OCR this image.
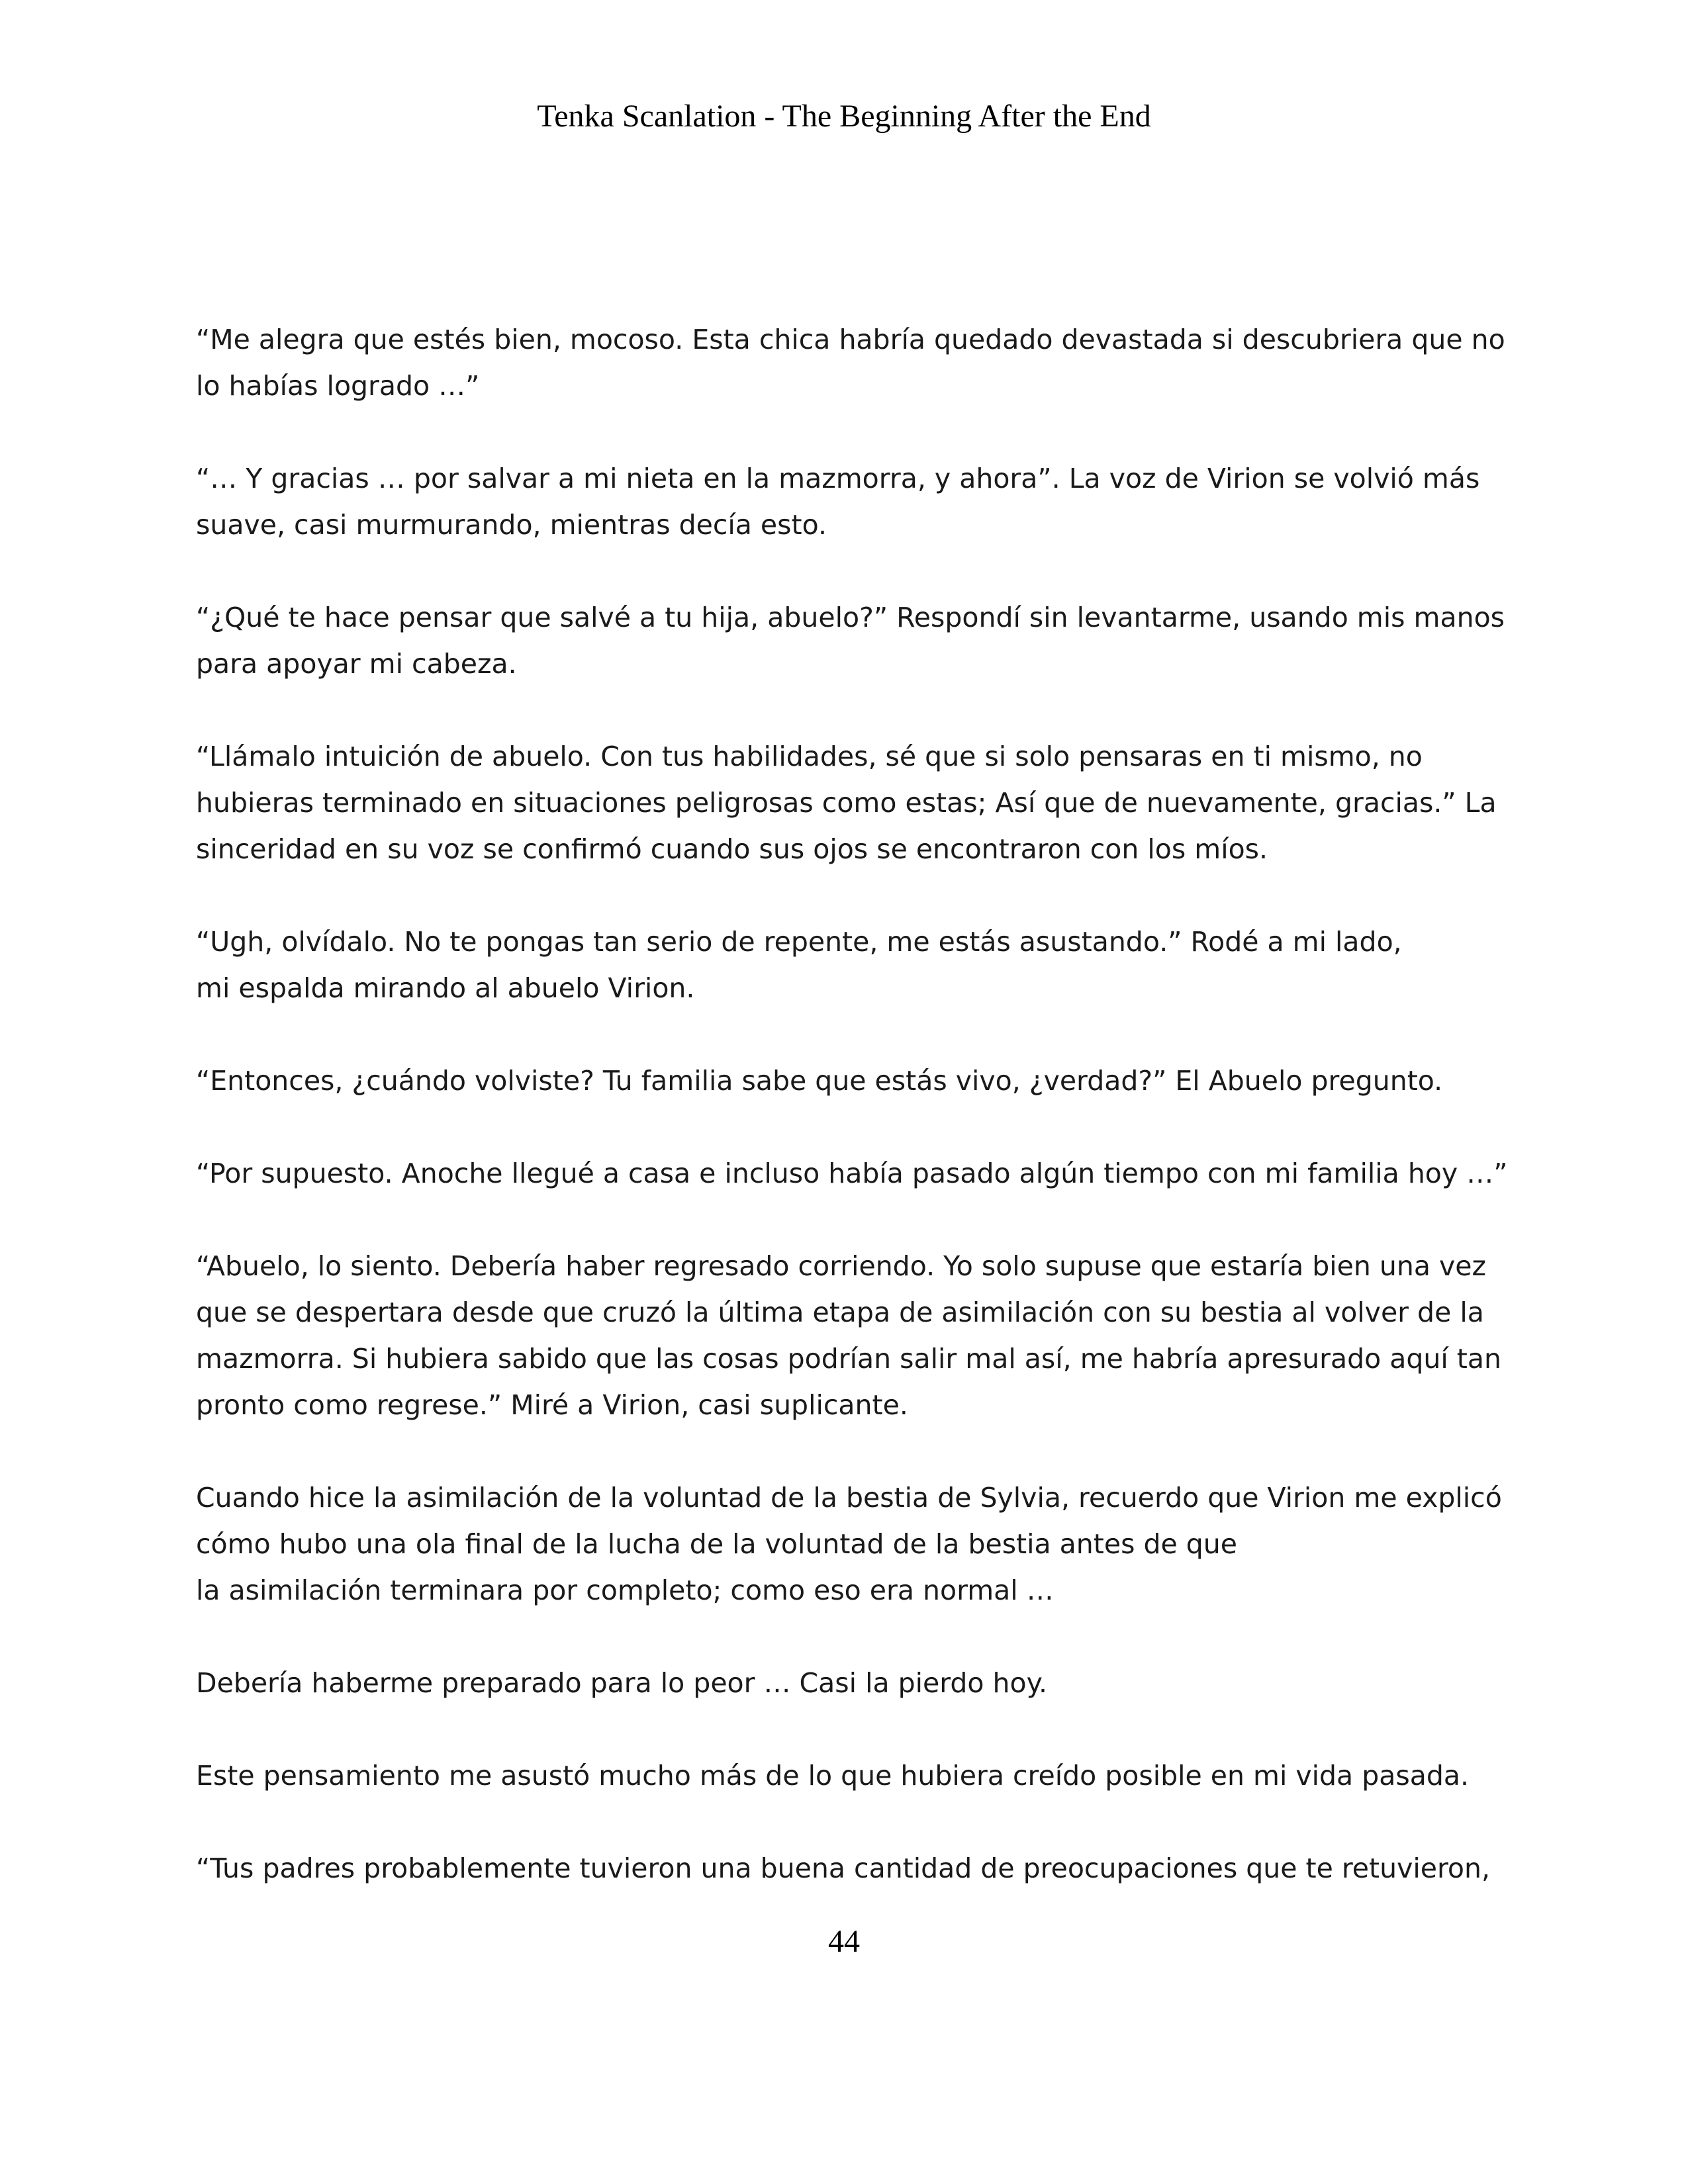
Tenka Scanlation - The Beginning After the End

“Me alegra que estés bien, mocoso. Esta chica habría quedado devastada si descubriera que no
lo habías logrado …”

“… Y gracias … por salvar a mi nieta en la mazmorra, y ahora”. La voz de Virion se volvió más
suave, casi murmurando, mientras decía esto.

“¿Qué te hace pensar que salvé a tu hija, abuelo?” Respondí sin levantarme, usando mis manos
para apoyar mi cabeza.

“Llámalo intuición de abuelo. Con tus habilidades, sé que si solo pensaras en ti mismo, no
hubieras terminado en situaciones peligrosas como estas; Así que de nuevamente, gracias.” La
sinceridad en su voz se confirmó cuando sus ojos se encontraron con los míos.

“Ugh, olvídalo. No te pongas tan serio de repente, me estás asustando.” Rodé a mi lado,
mi espalda mirando al abuelo Virion.

“Entonces, ¿cuándo volviste? Tu familia sabe que estás vivo, ¿verdad?” El Abuelo pregunto.

“Por supuesto. Anoche llegué a casa e incluso había pasado algún tiempo con mi familia hoy …”

“Abuelo, lo siento. Debería haber regresado corriendo. Yo solo supuse que estaría bien una vez
que se despertara desde que cruzó la última etapa de asimilación con su bestia al volver de la
mazmorra. Si hubiera sabido que las cosas podrían salir mal así, me habría apresurado aquí tan
pronto como regrese.” Miré a Virion, casi suplicante.

Cuando hice la asimilación de la voluntad de la bestia de Sylvia, recuerdo que Virion me explicó
cómo hubo una ola final de la lucha de la voluntad de la bestia antes de que
la asimilación terminara por completo; como eso era normal …

Debería haberme preparado para lo peor … Casi la pierdo hoy.

Este pensamiento me asustó mucho más de lo que hubiera creído posible en mi vida pasada.

“Tus padres probablemente tuvieron una buena cantidad de preocupaciones que te retuvieron,

44
